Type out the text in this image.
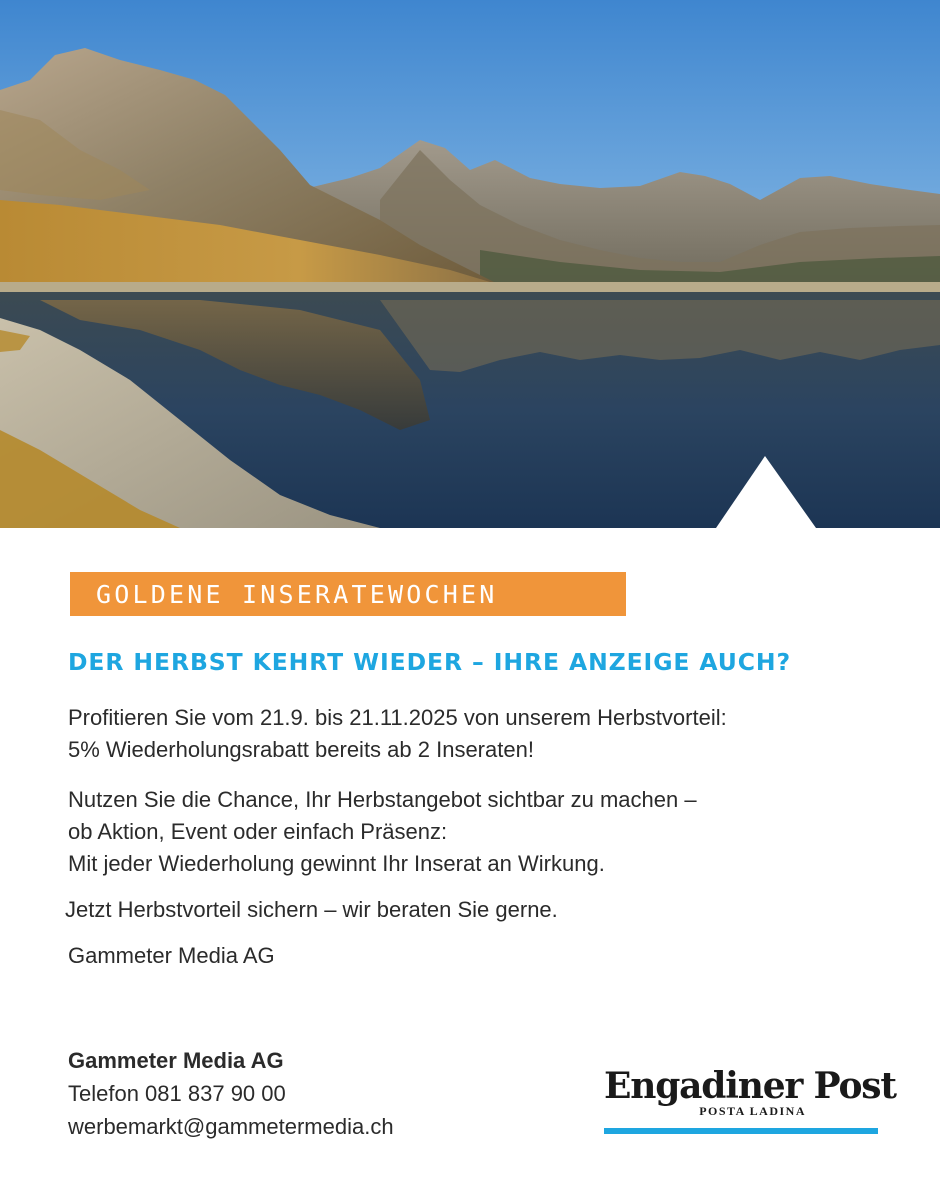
GOLDENE INSERATEWOCHEN
DER HERBST KEHRT WIEDER – IHRE ANZEIGE AUCH?

Profitieren Sie vom 21.9. bis 21.11.2025 von unserem Herbstvorteil:
5% Wiederholungsrabatt bereits ab 2 Inseraten!

Nutzen Sie die Chance, Ihr Herbstangebot sichtbar zu machen –
ob Aktion, Event oder einfach Präsenz:
Mit jeder Wiederholung gewinnt Ihr Inserat an Wirkung.

Jetzt Herbstvorteil sichern – wir beraten Sie gerne.

Gammeter Media AG

Gammeter Media AG
Telefon 081 837 90 00
werbemarkt@gammetermedia.ch
Engadiner Post
POSTA LADINA
